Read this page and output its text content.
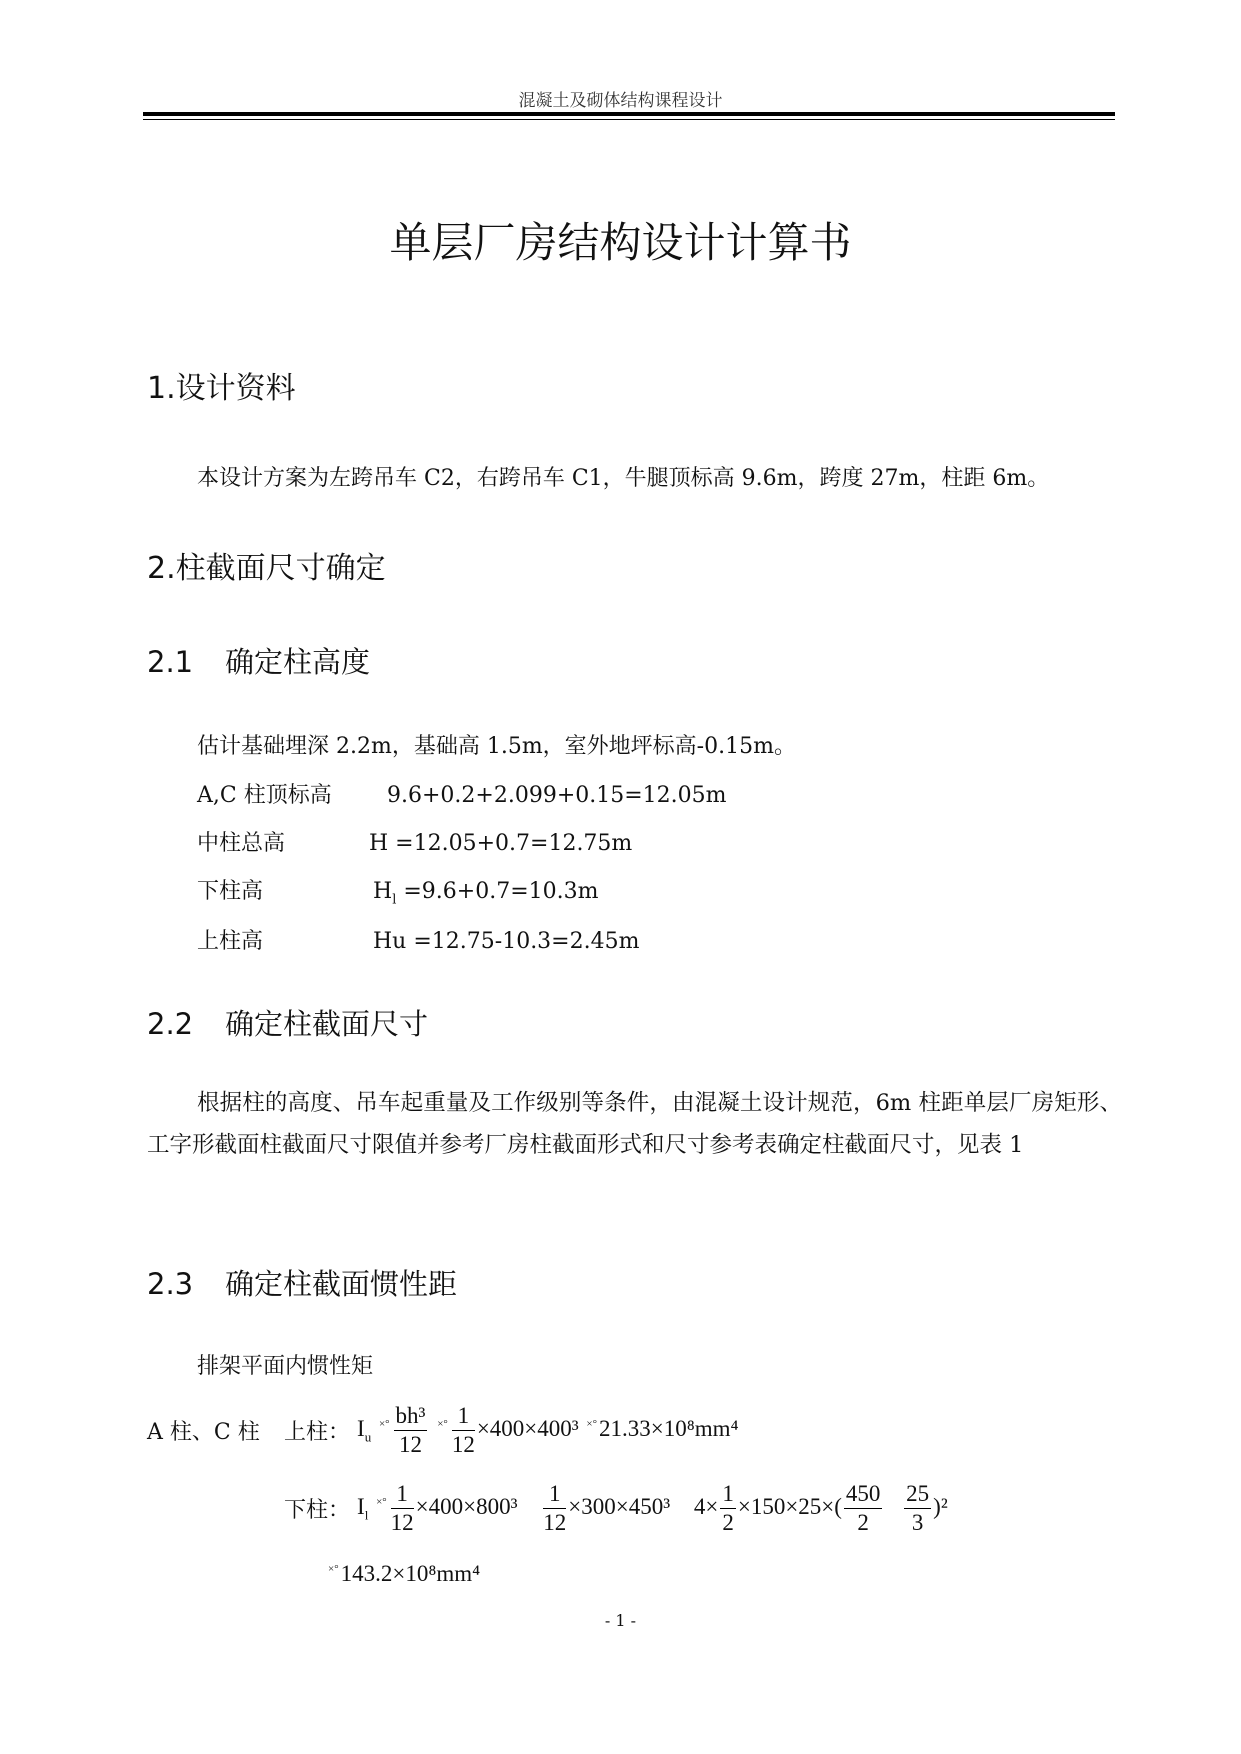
混凝土及砌体结构课程设计
单层厂房结构设计计算书
1.设计资料
本设计方案为左跨吊车 C2，右跨吊车 C1，牛腿顶标高 9.6m，跨度 27m，柱距 6m。
2.柱截面尺寸确定
2.1 确定柱高度
估计基础埋深 2.2m，基础高 1.5m，室外地坪标高-0.15m。
A,C 柱顶标高	9.6+0.2+2.099+0.15=12.05m
中柱总高	H =12.05+0.7=12.75m
下柱高	$H_l =9.6+0.7=10.3m$
上柱高	Hu =12.75-10.3=2.45m
2.2 确定柱截面尺寸
根据柱的高度、吊车起重量及工作级别等条件，由混凝土设计规范，6m 柱距单层厂房矩形、工字形截面柱截面尺寸限值并参考厂房柱截面形式和尺寸参考表确定柱截面尺寸，见表 1
2.3 确定柱截面惯性距
排架平面内惯性矩
A 柱、C 柱 上柱： $I_u$ $^{\times^\circ} \frac{\text{bh³}}{12} ^{\times^\circ} \frac{1}{12} \times 400\times 400^3$ ×°21.33×10⁸mm⁴
下柱： $I_l$ $^{\times^\circ} \frac{1}{12} \times 400\times 800^3 \frac{1}{12} \times 300\times 450^3$ $4\times \frac{1}{2} \times 150\times 25\times( \frac{450}{2}$
$\frac{25}{3} )^2$
×°143.2×10⁸mm⁴
- 1 -
